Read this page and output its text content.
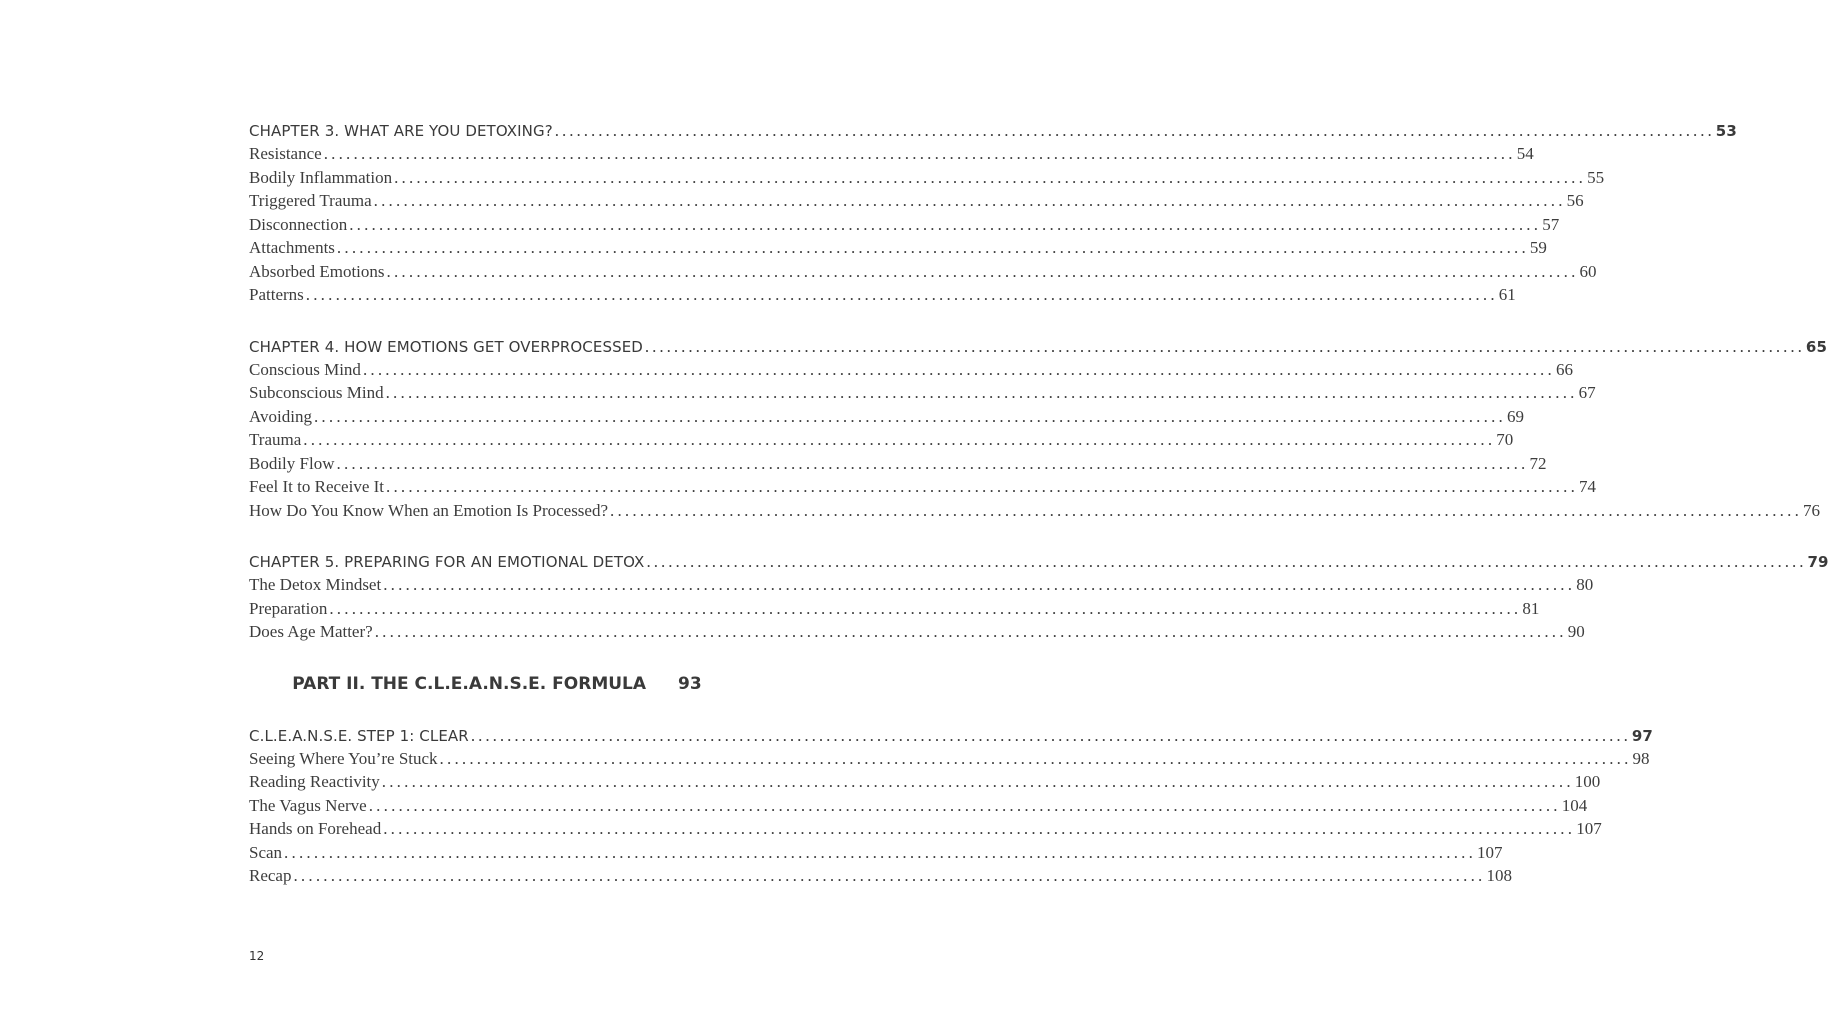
CHAPTER 3. WHAT ARE YOU DETOXING? ................................................................................................................................................................ 53
Resistance ................................................................................................................................................................ 54
Bodily Inflammation ................................................................................................................................................................ 55
Triggered Trauma ................................................................................................................................................................ 56
Disconnection ................................................................................................................................................................ 57
Attachments ................................................................................................................................................................ 59
Absorbed Emotions ................................................................................................................................................................ 60
Patterns ................................................................................................................................................................ 61
CHAPTER 4. HOW EMOTIONS GET OVERPROCESSED ................................................................................................................................................................ 65
Conscious Mind ................................................................................................................................................................ 66
Subconscious Mind ................................................................................................................................................................ 67
Avoiding ................................................................................................................................................................ 69
Trauma ................................................................................................................................................................ 70
Bodily Flow ................................................................................................................................................................ 72
Feel It to Receive It ................................................................................................................................................................ 74
How Do You Know When an Emotion Is Processed? ................................................................................................................................................................ 76
CHAPTER 5. PREPARING FOR AN EMOTIONAL DETOX ................................................................................................................................................................ 79
The Detox Mindset ................................................................................................................................................................ 80
Preparation ................................................................................................................................................................ 81
Does Age Matter? ................................................................................................................................................................ 90
PART II. THE C.L.E.A.N.S.E. FORMULA 93
C.L.E.A.N.S.E. STEP 1: CLEAR ................................................................................................................................................................ 97
Seeing Where You’re Stuck ................................................................................................................................................................ 98
Reading Reactivity ................................................................................................................................................................ 100
The Vagus Nerve ................................................................................................................................................................ 104
Hands on Forehead ................................................................................................................................................................ 107
Scan ................................................................................................................................................................ 107
Recap ................................................................................................................................................................ 108
12
